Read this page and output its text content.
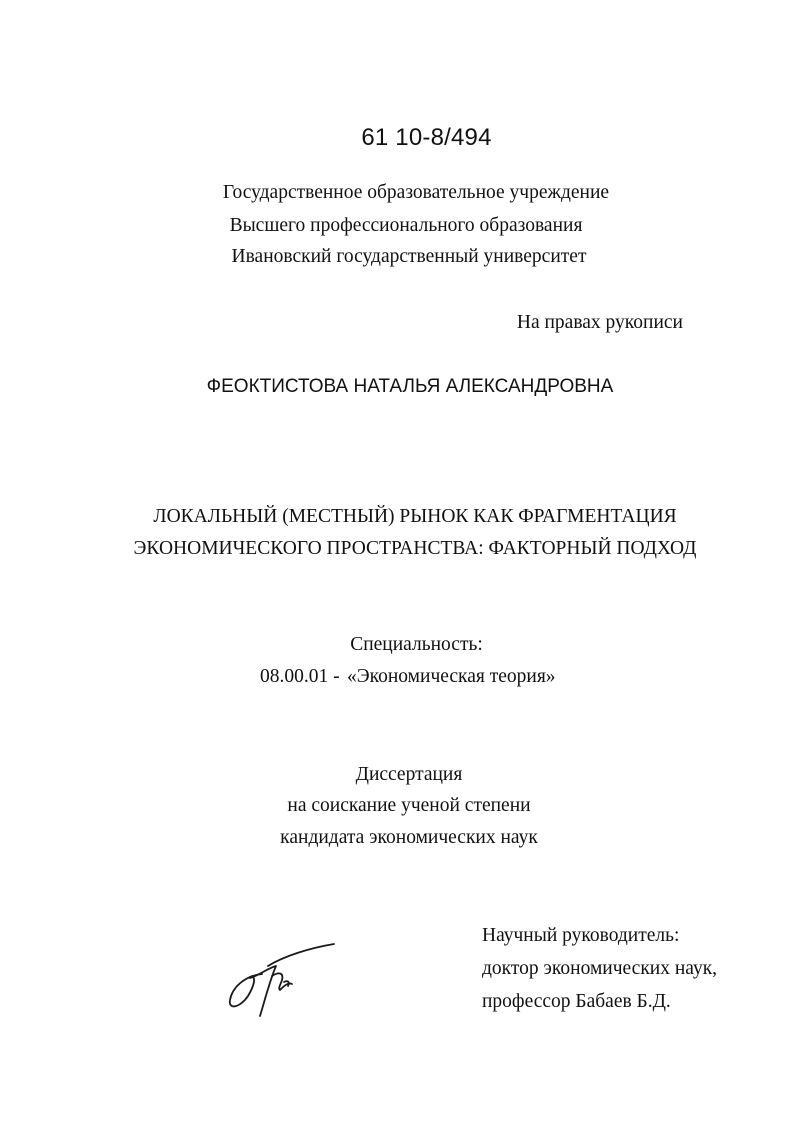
61 10-8/494

Государственное образовательное учреждение

Высшего профессионального образования

Ивановский государственный университет

На правах рукописи

ФЕОКТИСТОВА НАТАЛЬЯ АЛЕКСАНДРОВНА

ЛОКАЛЬНЫЙ (МЕСТНЫЙ) РЫНОК КАК ФРАГМЕНТАЦИЯ

ЭКОНОМИЧЕСКОГО ПРОСТРАНСТВА: ФАКТОРНЫЙ ПОДХОД

Специальность:

08.00.01 - «Экономическая теория»

Диссертация

на соискание ученой степени

кандидата экономических наук

Научный руководитель:

доктор экономических наук,

профессор Бабаев Б.Д.
